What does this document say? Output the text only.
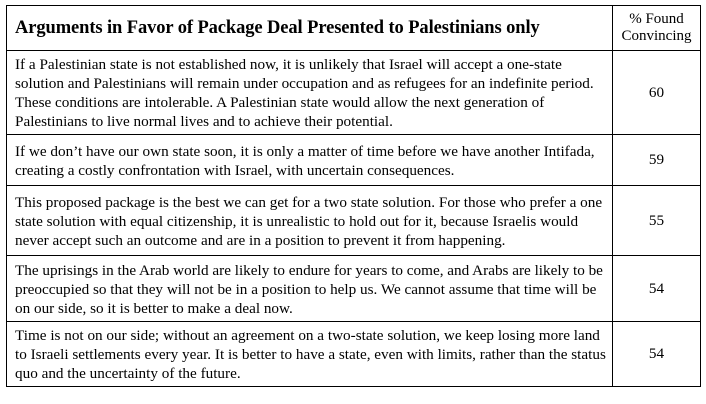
Arguments in Favor of Package Deal Presented to Palestinians only	% Found
Convincing
If a Palestinian state is not established now, it is unlikely that Israel will accept a one-state solution and Palestinians will remain under occupation and as refugees for an indefinite period. These conditions are intolerable. A Palestinian state would allow the next generation of Palestinians to live normal lives and to achieve their potential.	60
If we don’t have our own state soon, it is only a matter of time before we have another Intifada, creating a costly confrontation with Israel, with uncertain consequences.	59
This proposed package is the best we can get for a two state solution. For those who prefer a one state solution with equal citizenship, it is unrealistic to hold out for it, because Israelis would never accept such an outcome and are in a position to prevent it from happening.	55
The uprisings in the Arab world are likely to endure for years to come, and Arabs are likely to be preoccupied so that they will not be in a position to help us. We cannot assume that time will be on our side, so it is better to make a deal now.	54
Time is not on our side; without an agreement on a two-state solution, we keep losing more land to Israeli settlements every year. It is better to have a state, even with limits, rather than the status quo and the uncertainty of the future.	54
